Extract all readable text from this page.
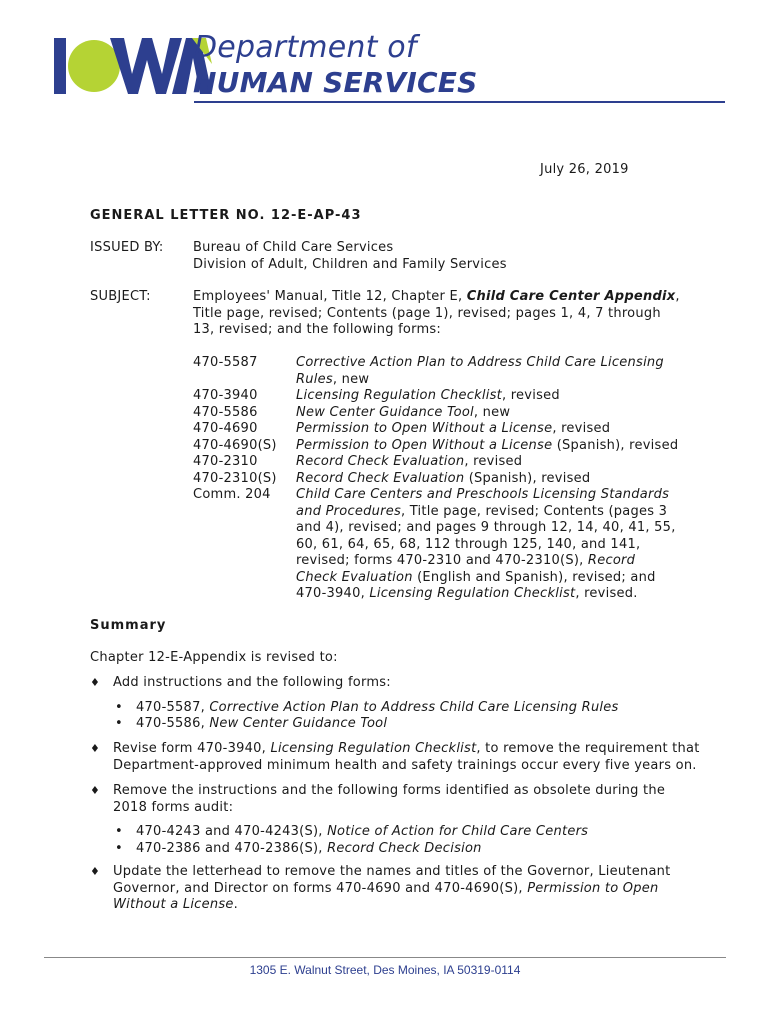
Department of
HUMAN SERVICES
July 26, 2019
GENERAL LETTER NO. 12-E-AP-43
ISSUED BY: Bureau of Child Care Services
Division of Adult, Children and Family Services
SUBJECT:	Employees' Manual, Title 12, Chapter E, Child Care Center Appendix,
Title page, revised; Contents (page 1), revised; pages 1, 4, 7 through
13, revised; and the following forms:
470-5587	Corrective Action Plan to Address Child Care Licensing
Rules, new
470-3940	Licensing Regulation Checklist, revised
470-5586	New Center Guidance Tool, new
470-4690	Permission to Open Without a License, revised
470-4690(S) Permission to Open Without a License (Spanish), revised
470-2310	Record Check Evaluation, revised
470-2310(S) Record Check Evaluation (Spanish), revised
Comm. 204 Child Care Centers and Preschools Licensing Standards
and Procedures, Title page, revised; Contents (pages 3
and 4), revised; and pages 9 through 12, 14, 40, 41, 55,
60, 61, 64, 65, 68, 112 through 125, 140, and 141,
revised; forms 470-2310 and 470-2310(S), Record
Check Evaluation (English and Spanish), revised; and
470-3940, Licensing Regulation Checklist, revised.
Summary
Chapter 12-E-Appendix is revised to:
♦ Add instructions and the following forms:
• 470-5587, Corrective Action Plan to Address Child Care Licensing Rules
• 470-5586, New Center Guidance Tool
♦ Revise form 470-3940, Licensing Regulation Checklist, to remove the requirement that
Department-approved minimum health and safety trainings occur every five years on.
♦ Remove the instructions and the following forms identified as obsolete during the
2018 forms audit:
• 470-4243 and 470-4243(S), Notice of Action for Child Care Centers
• 470-2386 and 470-2386(S), Record Check Decision
♦ Update the letterhead to remove the names and titles of the Governor, Lieutenant
Governor, and Director on forms 470-4690 and 470-4690(S), Permission to Open
Without a License.
1305 E. Walnut Street, Des Moines, IA 50319-0114
